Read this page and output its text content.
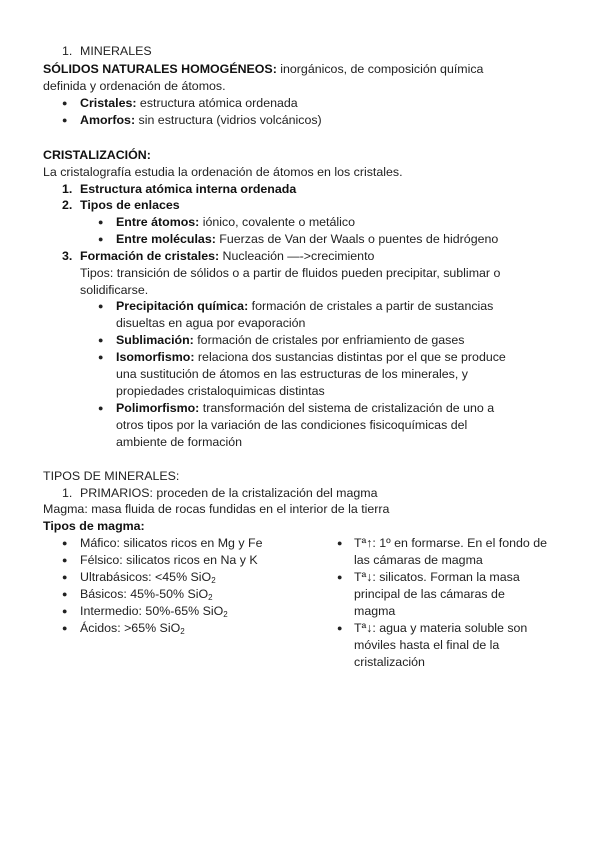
1. MINERALES
SÓLIDOS NATURALES HOMOGÉNEOS: inorgánicos, de composición química
definida y ordenación de átomos.
● Cristales: estructura atómica ordenada
● Amorfos: sin estructura (vidrios volcánicos)
CRISTALIZACIÓN:
La cristalografía estudia la ordenación de átomos en los cristales.
1. Estructura atómica interna ordenada
2. Tipos de enlaces
● Entre átomos: iónico, covalente o metálico
● Entre moléculas: Fuerzas de Van der Waals o puentes de hidrógeno
3. Formación de cristales: Nucleación —->crecimiento
Tipos: transición de sólidos o a partir de fluidos pueden precipitar, sublimar o
solidificarse.
● Precipitación química: formación de cristales a partir de sustancias
disueltas en agua por evaporación
● Sublimación: formación de cristales por enfriamiento de gases
● Isomorfismo: relaciona dos sustancias distintas por el que se produce
una sustitución de átomos en las estructuras de los minerales, y
propiedades cristaloquimicas distintas
● Polimorfismo: transformación del sistema de cristalización de uno a
otros tipos por la variación de las condiciones fisicoquímicas del
ambiente de formación
TIPOS DE MINERALES:
1. PRIMARIOS: proceden de la cristalización del magma
Magma: masa fluida de rocas fundidas en el interior de la tierra
Tipos de magma:
● Máfico: silicatos ricos en Mg y Fe
● Félsico: silicatos ricos en Na y K
● Ultrabásicos: <45% SiO$_2$
● Básicos: 45%-50% SiO$_2$
● Intermedio: 50%-65% SiO$_2$
● Ácidos: >65% SiO$_2$
● Tª↑: 1º en formarse. En el fondo de
las cámaras de magma
● Tª↓: silicatos. Forman la masa
principal de las cámaras de
magma
● Tª↓: agua y materia soluble son
móviles hasta el final de la
cristalización
